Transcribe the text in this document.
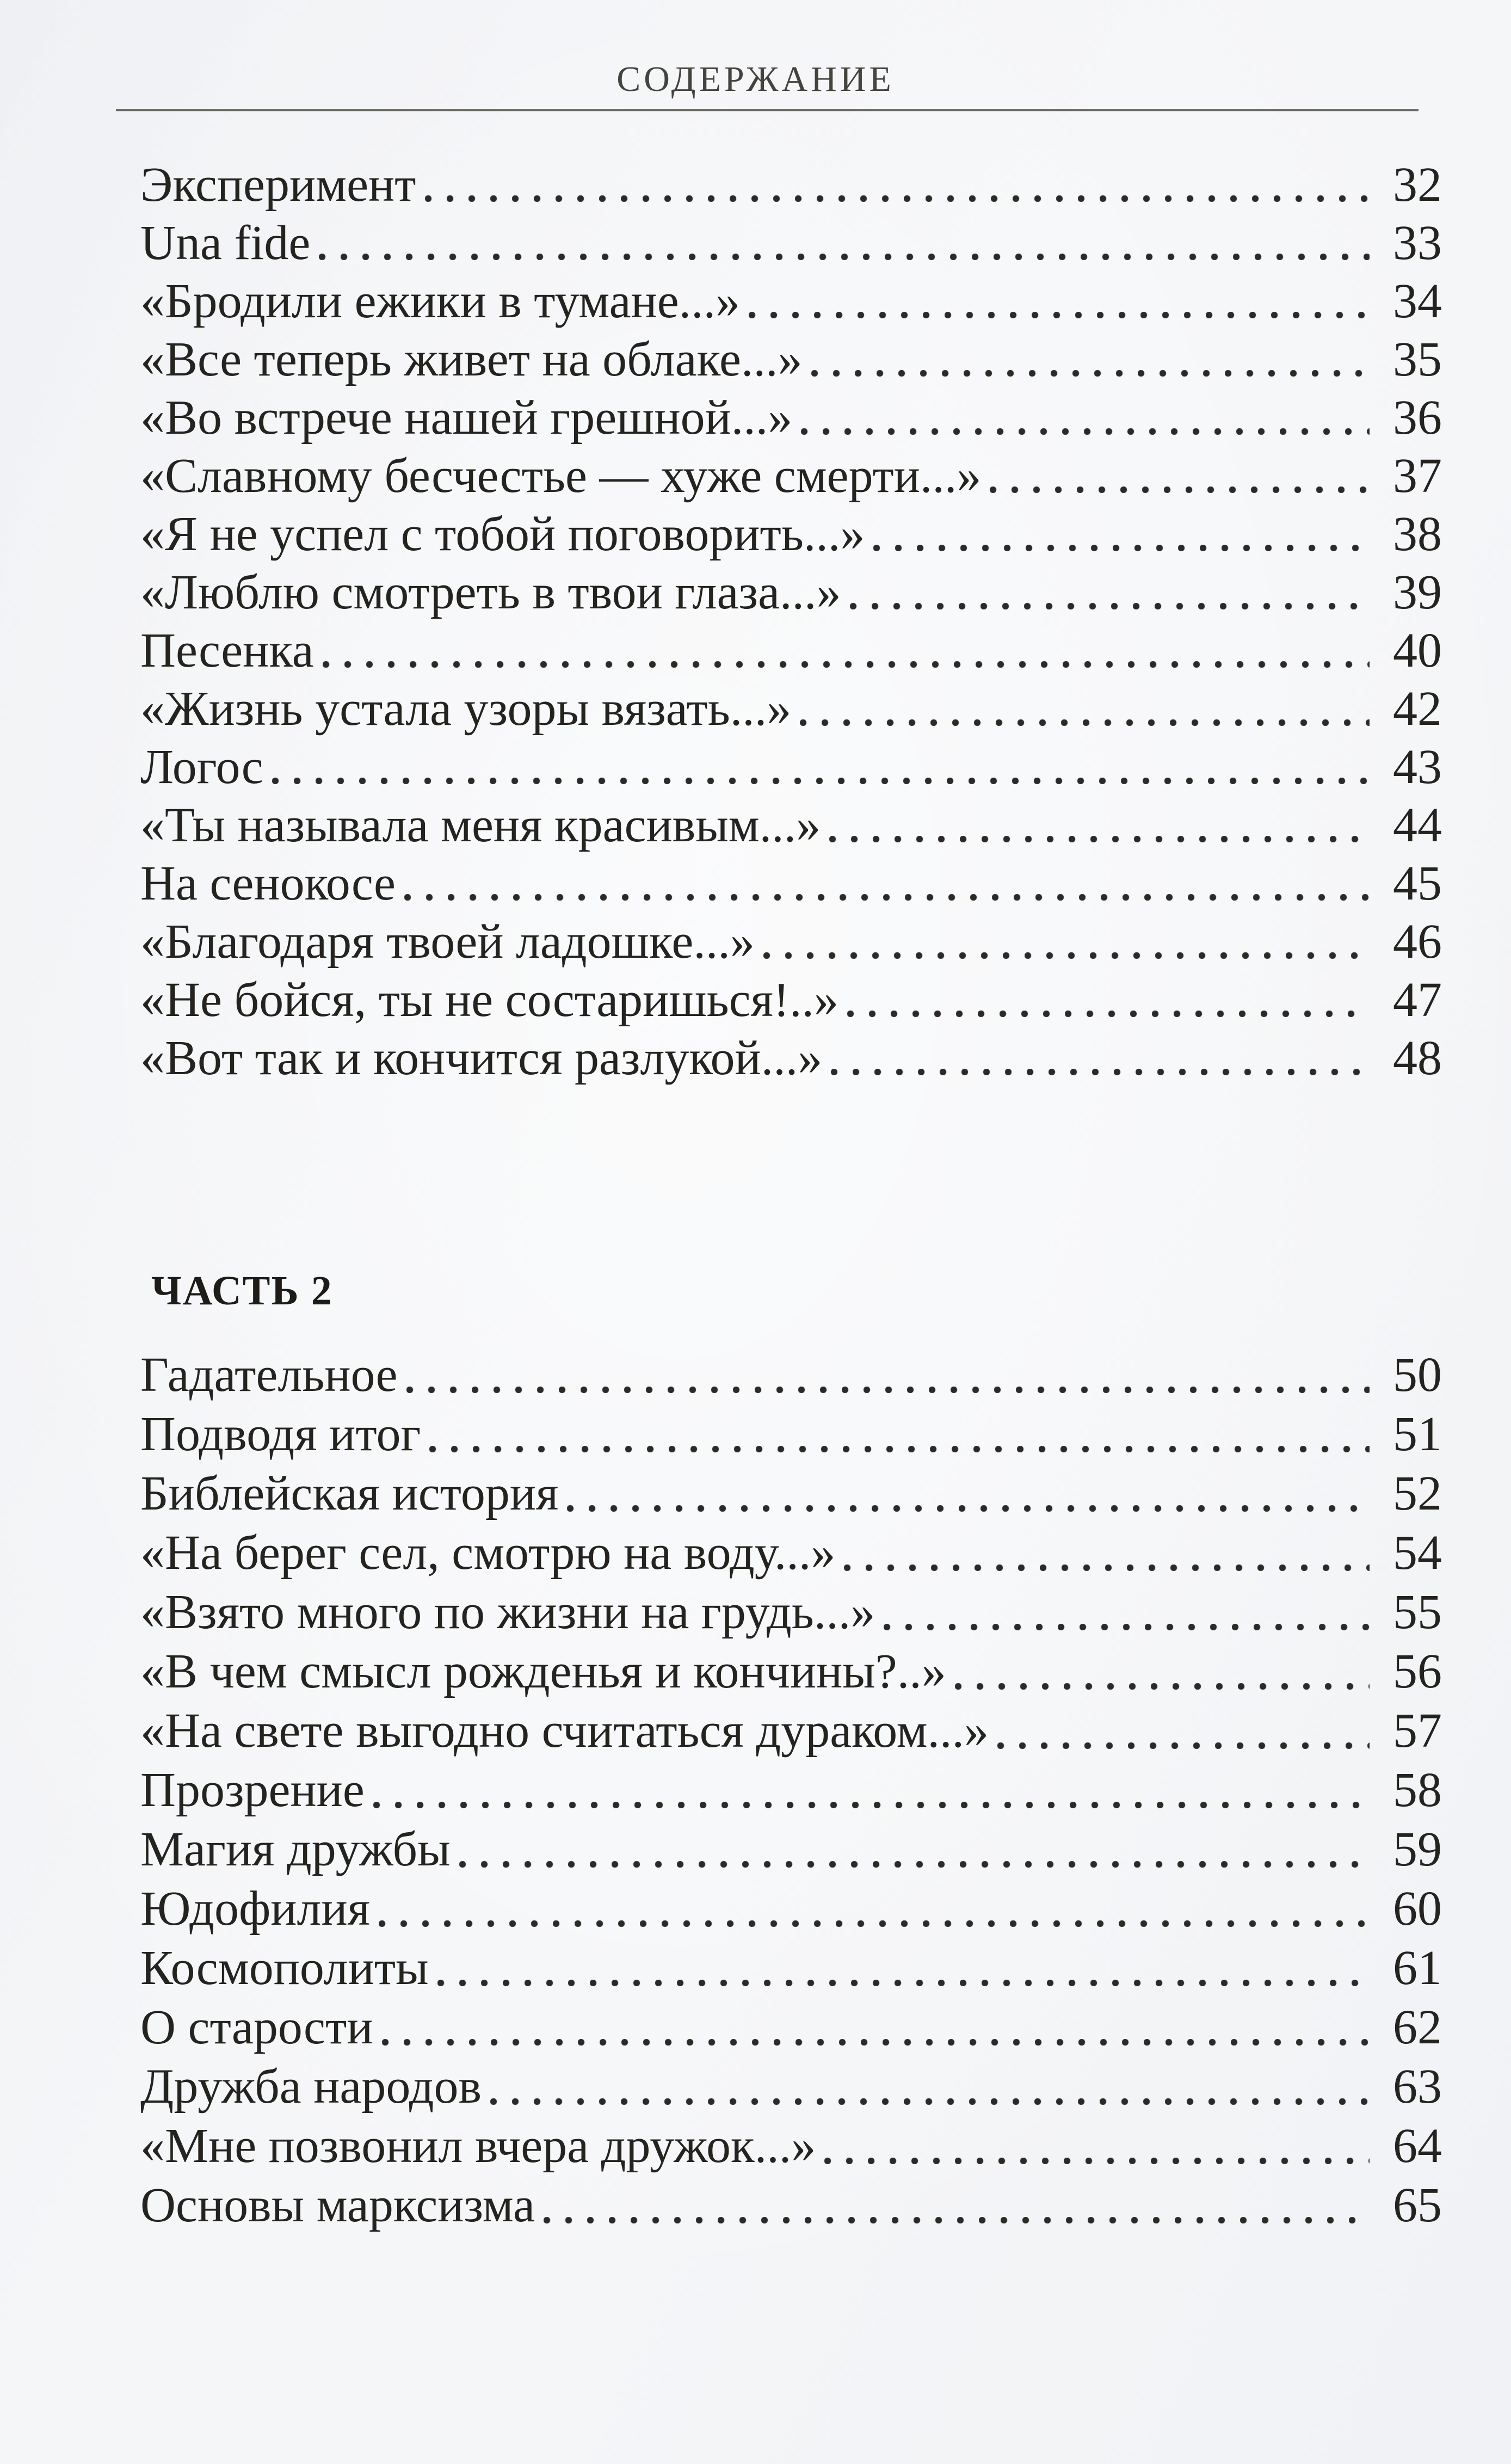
СОДЕРЖАНИЕ
Эксперимент	32
Una fide	33
«Бродили ежики в тумане...»	34
«Все теперь живет на облаке...»	35
«Во встрече нашей грешной...»	36
«Славному бесчестье — хуже смерти...»	37
«Я не успел с тобой поговорить...»	38
«Люблю смотреть в твои глаза...»	39
Песенка	40
«Жизнь устала узоры вязать...»	42
Логос	43
«Ты называла меня красивым...»	44
На сенокосе	45
«Благодаря твоей ладошке...»	46
«Не бойся, ты не состаришься!..»	47
«Вот так и кончится разлукой...»	48
ЧАСТЬ 2
Гадательное	50
Подводя итог	51
Библейская история	52
«На берег сел, смотрю на воду...»	54
«Взято много по жизни на грудь...»	55
«В чем смысл рожденья и кончины?..»	56
«На свете выгодно считаться дураком...»	57
Прозрение	58
Магия дружбы	59
Юдофилия	60
Космополиты	61
О старости	62
Дружба народов	63
«Мне позвонил вчера дружок...»	64
Основы марксизма	65
